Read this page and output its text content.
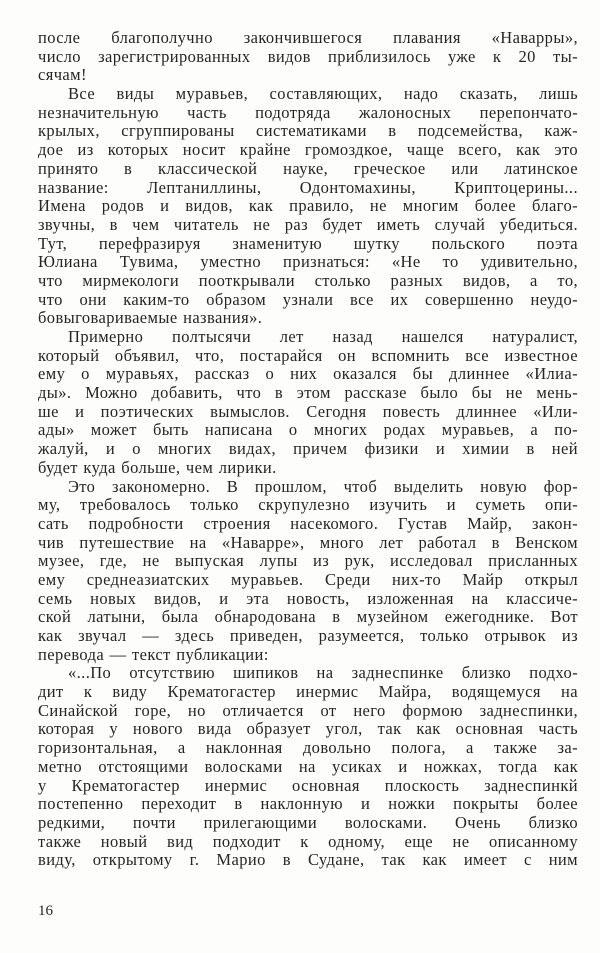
после благополучно закончившегося плавания «Наварры»,
число зарегистрированных видов приблизилось уже к 20 ты-
сячам!
Все виды муравьев, составляющих, надо сказать, лишь
незначительную часть подотряда жалоносных перепончато-
крылых, сгруппированы систематиками в подсемейства, каж-
дое из которых носит крайне громоздкое, чаще всего, как это
принято в классической науке, греческое или латинское
название: Лептаниллины, Одонтомахины, Криптоцерины...
Имена родов и видов, как правило, не многим более благо-
звучны, в чем читатель не раз будет иметь случай убедиться.
Тут, перефразируя знаменитую шутку польского поэта
Юлиана Тувима, уместно признаться: «Не то удивительно,
что мирмекологи пооткрывали столько разных видов, а то,
что они каким-то образом узнали все их совершенно неудо-
бовыговариваемые названия».
Примерно полтысячи лет назад нашелся натуралист,
который объявил, что, постарайся он вспомнить все известное
ему о муравьях, рассказ о них оказался бы длиннее «Илиа-
ды». Можно добавить, что в этом рассказе было бы не мень-
ше и поэтических вымыслов. Сегодня повесть длиннее «Или-
ады» может быть написана о многих родах муравьев, а по-
жалуй, и о многих видах, причем физики и химии в ней
будет куда больше, чем лирики.
Это закономерно. В прошлом, чтоб выделить новую фор-
му, требовалось только скрупулезно изучить и суметь опи-
сать подробности строения насекомого. Густав Майр, закон-
чив путешествие на «Наварре», много лет работал в Венском
музее, где, не выпуская лупы из рук, исследовал присланных
ему среднеазиатских муравьев. Среди них-то Майр открыл
семь новых видов, и эта новость, изложенная на классиче-
ской латыни, была обнародована в музейном ежегоднике. Вот
как звучал — здесь приведен, разумеется, только отрывок из
перевода — текст публикации:
«...По отсутствию шипиков на заднеспинке близко подхо-
дит к виду Крематогастер инермис Майра, водящемуся на
Синайской горе, но отличается от него формою заднеспинки,
которая у нового вида образует угол, так как основная часть
горизонтальная, а наклонная довольно полога, а также за-
метно отстоящими волосками на усиках и ножках, тогда как
у Крематогастер инермис основная плоскость заднеспинкй
постепенно переходит в наклонную и ножки покрыты более
редкими, почти прилегающими волосками. Очень близко
также новый вид подходит к одному, еще не описанному
виду, открытому г. Марио в Судане, так как имеет с ним
16
